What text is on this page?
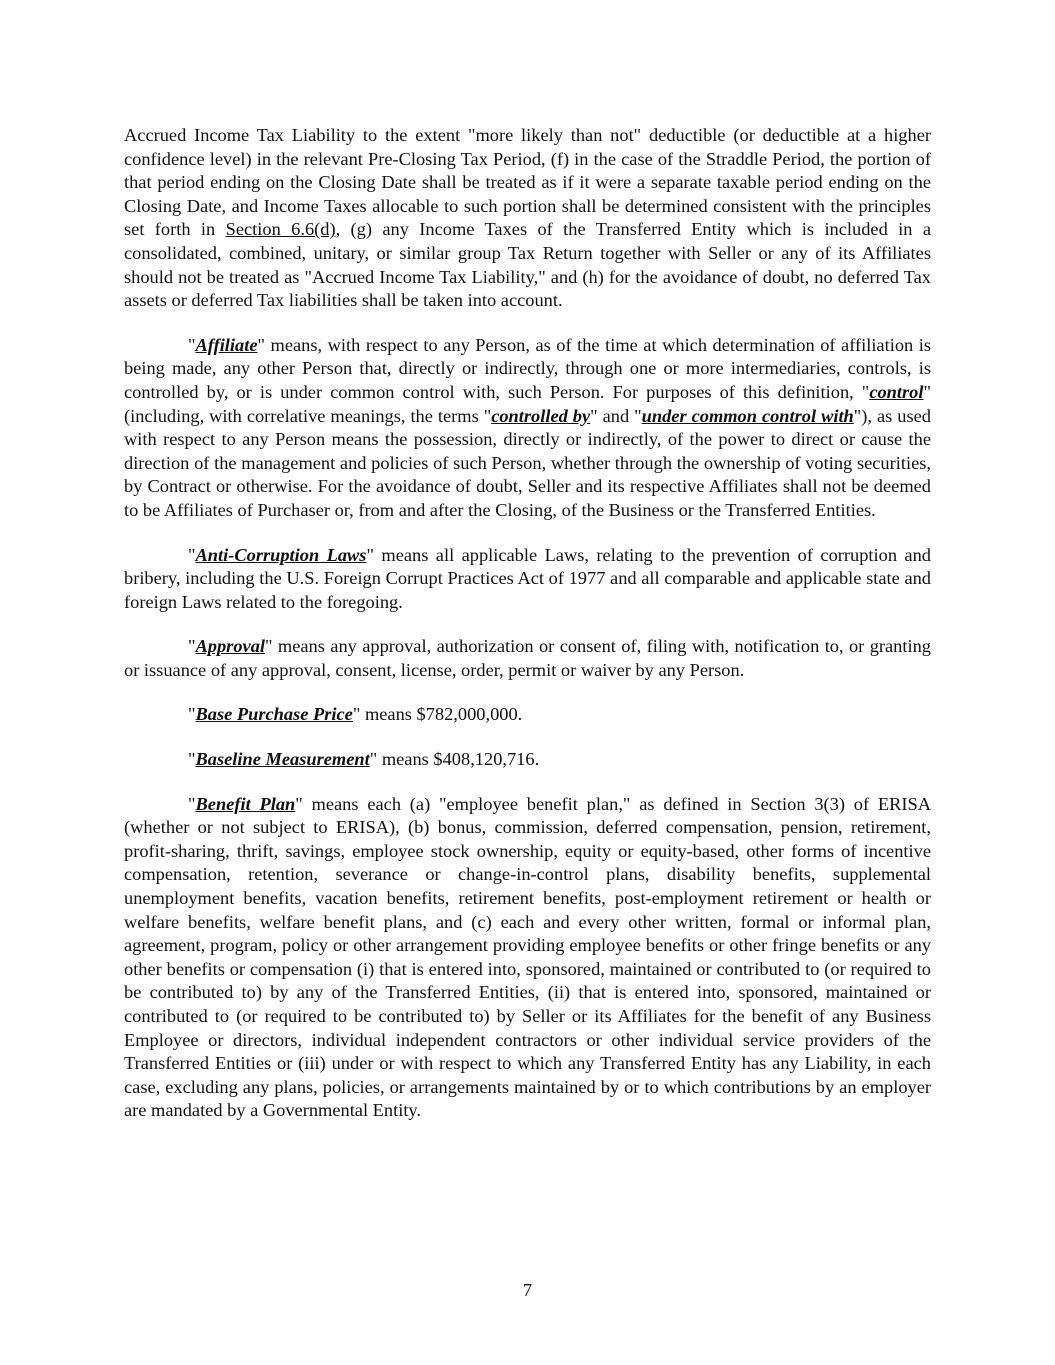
Accrued Income Tax Liability to the extent "more likely than not" deductible (or deductible at a higher confidence level) in the relevant Pre-Closing Tax Period, (f) in the case of the Straddle Period, the portion of that period ending on the Closing Date shall be treated as if it were a separate taxable period ending on the Closing Date, and Income Taxes allocable to such portion shall be determined consistent with the principles set forth in Section 6.6(d), (g) any Income Taxes of the Transferred Entity which is included in a consolidated, combined, unitary, or similar group Tax Return together with Seller or any of its Affiliates should not be treated as "Accrued Income Tax Liability," and (h) for the avoidance of doubt, no deferred Tax assets or deferred Tax liabilities shall be taken into account.

"Affiliate" means, with respect to any Person, as of the time at which determination of affiliation is being made, any other Person that, directly or indirectly, through one or more intermediaries, controls, is controlled by, or is under common control with, such Person. For purposes of this definition, "control" (including, with correlative meanings, the terms "controlled by" and "under common control with"), as used with respect to any Person means the possession, directly or indirectly, of the power to direct or cause the direction of the management and policies of such Person, whether through the ownership of voting securities, by Contract or otherwise. For the avoidance of doubt, Seller and its respective Affiliates shall not be deemed to be Affiliates of Purchaser or, from and after the Closing, of the Business or the Transferred Entities.

"Anti-Corruption Laws" means all applicable Laws, relating to the prevention of corruption and bribery, including the U.S. Foreign Corrupt Practices Act of 1977 and all comparable and applicable state and foreign Laws related to the foregoing.

"Approval" means any approval, authorization or consent of, filing with, notification to, or granting or issuance of any approval, consent, license, order, permit or waiver by any Person.

"Base Purchase Price" means $782,000,000.

"Baseline Measurement" means $408,120,716.

"Benefit Plan" means each (a) "employee benefit plan," as defined in Section 3(3) of ERISA (whether or not subject to ERISA), (b) bonus, commission, deferred compensation, pension, retirement, profit-sharing, thrift, savings, employee stock ownership, equity or equity-based, other forms of incentive compensation, retention, severance or change-in-control plans, disability benefits, supplemental unemployment benefits, vacation benefits, retirement benefits, post-employment retirement or health or welfare benefits, welfare benefit plans, and (c) each and every other written, formal or informal plan, agreement, program, policy or other arrangement providing employee benefits or other fringe benefits or any other benefits or compensation (i) that is entered into, sponsored, maintained or contributed to (or required to be contributed to) by any of the Transferred Entities, (ii) that is entered into, sponsored, maintained or contributed to (or required to be contributed to) by Seller or its Affiliates for the benefit of any Business Employee or directors, individual independent contractors or other individual service providers of the Transferred Entities or (iii) under or with respect to which any Transferred Entity has any Liability, in each case, excluding any plans, policies, or arrangements maintained by or to which contributions by an employer are mandated by a Governmental Entity.

7
